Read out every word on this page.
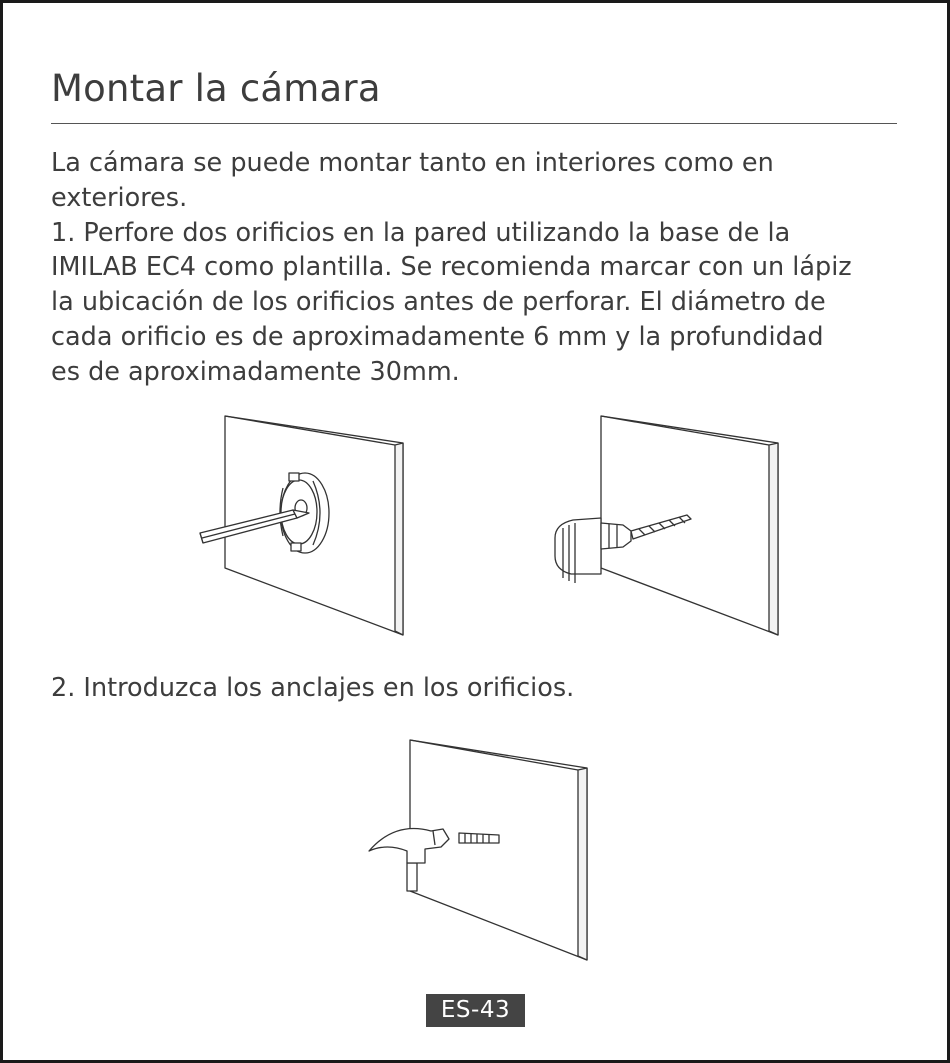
Montar la cámara

La cámara se puede montar tanto en interiores como en
exteriores.

1. Perfore dos orificios en la pared utilizando la base de la
IMILAB EC4 como plantilla. Se recomienda marcar con un lápiz
la ubicación de los orificios antes de perforar. El diámetro de
cada orificio es de aproximadamente 6 mm y la profundidad
es de aproximadamente 30mm.

2. Introduzca los anclajes en los orificios.
ES-43
